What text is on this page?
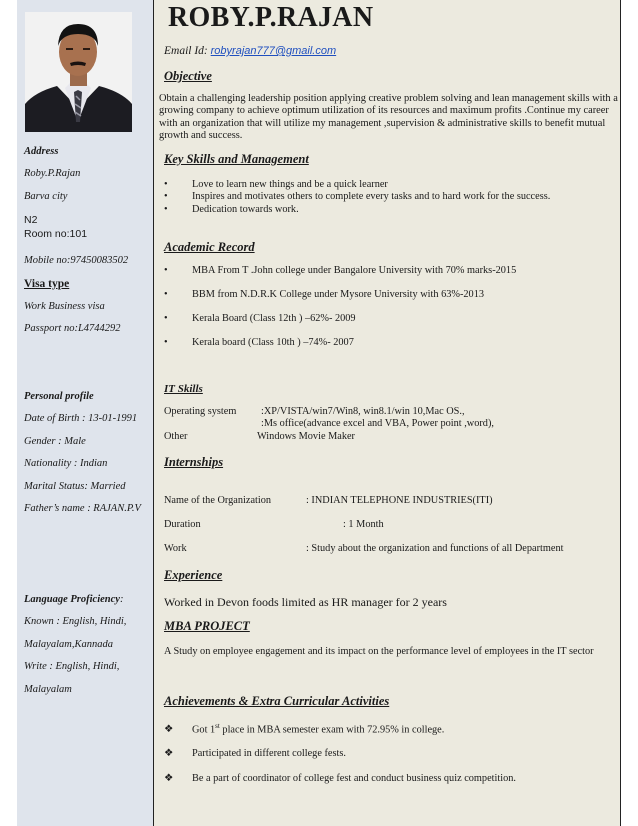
Address
Roby.P.Rajan
Barva city
N2
Room no:101
Mobile no:97450083502
Visa type
Work Business visa
Passport no:L4744292
Personal profile
Date of Birth : 13-01-1991
Gender : Male
Nationality : Indian
Marital Status: Married
Father’s name : RAJAN.P.V
Language Proficiency:
Known : English, Hindi,
Malayalam,Kannada
Write : English, Hindi,
Malayalam
ROBY.P.RAJAN
Email Id: robyrajan777@gmail.com
Objective
Obtain a challenging leadership position applying creative problem solving and lean management skills with a growing company to achieve optimum utilization of its resources and maximum profits .Continue my career with an organization that will utilize my management ,supervision & administrative skills to benefit mutual growth and success.
Key Skills and Management
• Love to learn new things and be a quick learner
• Inspires and motivates others to complete every tasks and to hard work for the success.
• Dedication towards work.
Academic Record
• MBA From T .John college under Bangalore University with 70% marks-2015
• BBM from N.D.R.K College under Mysore University with 63%-2013
• Kerala Board (Class 12th ) –62%- 2009
• Kerala board (Class 10th ) –74%- 2007
IT Skills
Operating system :XP/VISTA/win7/Win8, win8.1/win 10,Mac OS.,
:Ms office(advance excel and VBA, Power point ,word),
Other	Windows Movie Maker
Internships
Name of the Organization	: INDIAN TELEPHONE INDUSTRIES(ITI)
Duration	: 1 Month
Work	: Study about the organization and functions of all Department
Experience
Worked in Devon foods limited as HR manager for 2 years
MBA PROJECT
A Study on employee engagement and its impact on the performance level of employees in the IT sector
Achievements & Extra Curricular Activities
❖ Got 1st place in MBA semester exam with 72.95% in college.
❖ Participated in different college fests.
❖ Be a part of coordinator of college fest and conduct business quiz competition.
